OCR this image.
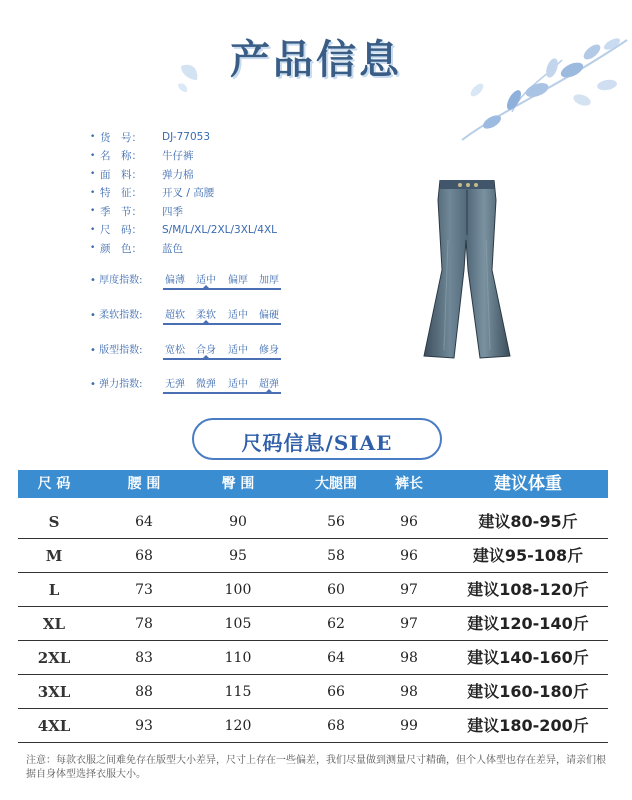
产品信息
• 货　号：	DJ-77053
• 名　称：	牛仔裤
• 面　料：	弹力棉
• 特　征：	开叉 / 高腰
• 季　节：	四季
• 尺　码：	S/M/L/XL/2XL/3XL/4XL
• 颜　色：	蓝色
• 厚度指数:	偏薄 适中 偏厚 加厚
• 柔软指数:	超软 柔软 适中 偏硬
• 版型指数:	宽松 合身 适中 修身
• 弹力指数:	无弹 微弹 适中 超弹
尺码信息/SIAE
尺 码	腰 围	臀 围	大腿围	裤长	建议体重
S	64	90	56	96	建议80-95斤
M	68	95	58	96	建议95-108斤
L	73	100	60	97	建议108-120斤
XL	78	105	62	97	建议120-140斤
2XL	83	110	64	98	建议140-160斤
3XL	88	115	66	98	建议160-180斤
4XL	93	120	68	99	建议180-200斤
注意：每款衣服之间难免存在版型大小差异，尺寸上存在一些偏差，我们尽量做到测量尺寸精确，但个人体型也存在差异，请亲们根据自身体型选择衣服大小。
